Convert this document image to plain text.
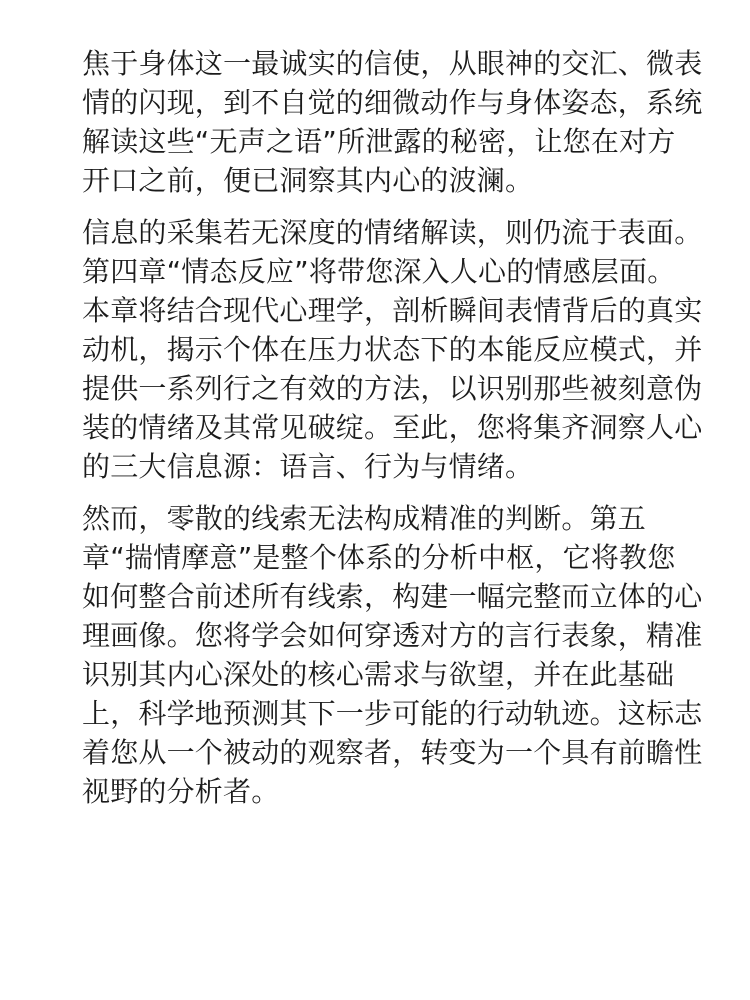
焦于身体这一最诚实的信使，从眼神的交汇、微表
情的闪现，到不自觉的细微动作与身体姿态，系统
解读这些“无声之语”所泄露的秘密，让您在对方
开口之前，便已洞察其内心的波澜。
信息的采集若无深度的情绪解读，则仍流于表面。
第四章“情态反应”将带您深入人心的情感层面。
本章将结合现代心理学，剖析瞬间表情背后的真实
动机，揭示个体在压力状态下的本能反应模式，并
提供一系列行之有效的方法，以识别那些被刻意伪
装的情绪及其常见破绽。至此，您将集齐洞察人心
的三大信息源：语言、行为与情绪。
然而，零散的线索无法构成精准的判断。第五
章“揣情摩意”是整个体系的分析中枢，它将教您
如何整合前述所有线索，构建一幅完整而立体的心
理画像。您将学会如何穿透对方的言行表象，精准
识别其内心深处的核心需求与欲望，并在此基础
上，科学地预测其下一步可能的行动轨迹。这标志
着您从一个被动的观察者，转变为一个具有前瞻性
视野的分析者。
